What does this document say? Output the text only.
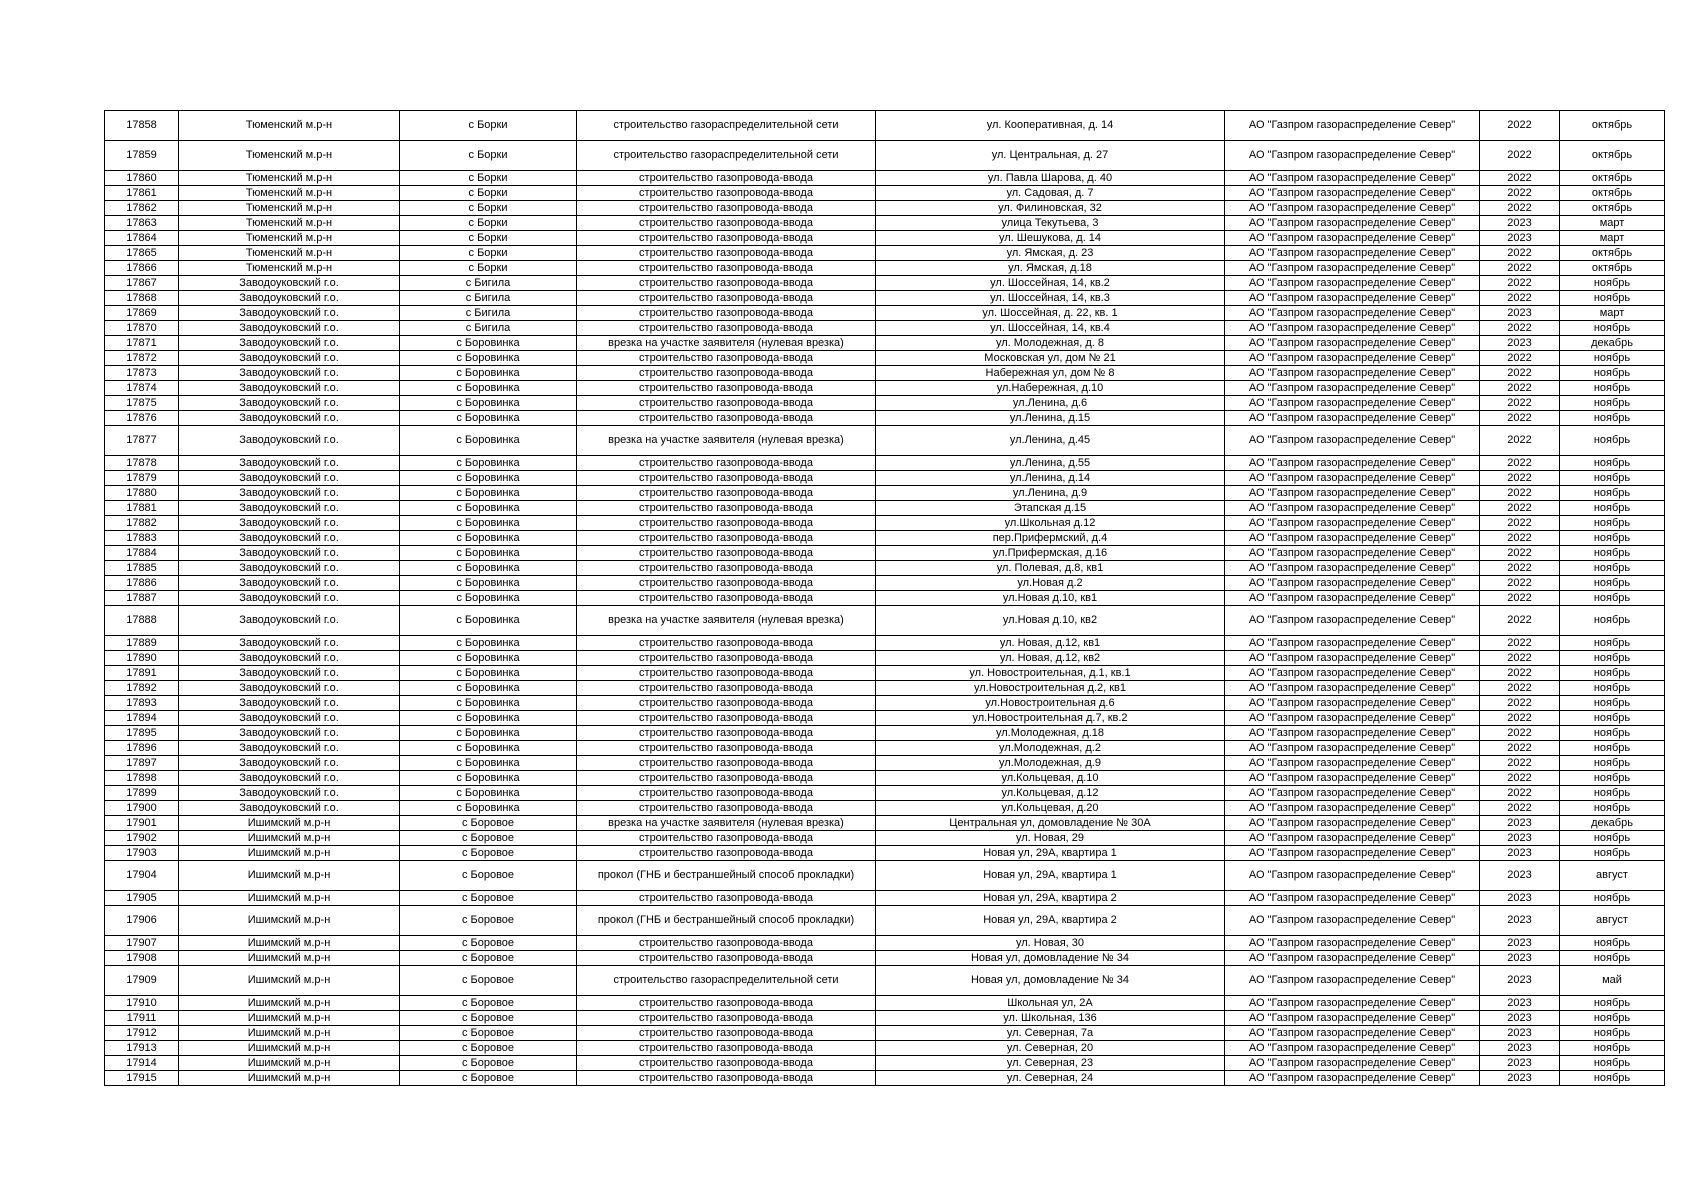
17858	Тюменский м.р-н	с Борки	строительство газораспределительной сети	ул. Кооперативная, д. 14	АО "Газпром газораспределение Север"	2022	октябрь
17859	Тюменский м.р-н	с Борки	строительство газораспределительной сети	ул. Центральная, д. 27	АО "Газпром газораспределение Север"	2022	октябрь
17860	Тюменский м.р-н	с Борки	строительство газопровода-ввода	ул. Павла Шарова, д. 40	АО "Газпром газораспределение Север"	2022	октябрь
17861	Тюменский м.р-н	с Борки	строительство газопровода-ввода	ул. Садовая, д. 7	АО "Газпром газораспределение Север"	2022	октябрь
17862	Тюменский м.р-н	с Борки	строительство газопровода-ввода	ул. Филиновская, 32	АО "Газпром газораспределение Север"	2022	октябрь
17863	Тюменский м.р-н	с Борки	строительство газопровода-ввода	улица Текутьева, 3	АО "Газпром газораспределение Север"	2023	март
17864	Тюменский м.р-н	с Борки	строительство газопровода-ввода	ул. Шешукова, д. 14	АО "Газпром газораспределение Север"	2023	март
17865	Тюменский м.р-н	с Борки	строительство газопровода-ввода	ул. Ямская, д. 23	АО "Газпром газораспределение Север"	2022	октябрь
17866	Тюменский м.р-н	с Борки	строительство газопровода-ввода	ул. Ямская, д.18	АО "Газпром газораспределение Север"	2022	октябрь
17867	Заводоуковский г.о.	с Бигила	строительство газопровода-ввода	ул. Шоссейная, 14, кв.2	АО "Газпром газораспределение Север"	2022	ноябрь
17868	Заводоуковский г.о.	с Бигила	строительство газопровода-ввода	ул. Шоссейная, 14, кв.3	АО "Газпром газораспределение Север"	2022	ноябрь
17869	Заводоуковский г.о.	с Бигила	строительство газопровода-ввода	ул. Шоссейная, д. 22, кв. 1	АО "Газпром газораспределение Север"	2023	март
17870	Заводоуковский г.о.	с Бигила	строительство газопровода-ввода	ул. Шоссейная, 14, кв.4	АО "Газпром газораспределение Север"	2022	ноябрь
17871	Заводоуковский г.о.	с Боровинка	врезка на участке заявителя (нулевая врезка)	ул. Молодежная, д. 8	АО "Газпром газораспределение Север"	2023	декабрь
17872	Заводоуковский г.о.	с Боровинка	строительство газопровода-ввода	Московская ул, дом № 21	АО "Газпром газораспределение Север"	2022	ноябрь
17873	Заводоуковский г.о.	с Боровинка	строительство газопровода-ввода	Набережная ул, дом № 8	АО "Газпром газораспределение Север"	2022	ноябрь
17874	Заводоуковский г.о.	с Боровинка	строительство газопровода-ввода	ул.Набережная, д.10	АО "Газпром газораспределение Север"	2022	ноябрь
17875	Заводоуковский г.о.	с Боровинка	строительство газопровода-ввода	ул.Ленина, д.6	АО "Газпром газораспределение Север"	2022	ноябрь
17876	Заводоуковский г.о.	с Боровинка	строительство газопровода-ввода	ул.Ленина, д.15	АО "Газпром газораспределение Север"	2022	ноябрь
17877	Заводоуковский г.о.	с Боровинка	врезка на участке заявителя (нулевая врезка)	ул.Ленина, д.45	АО "Газпром газораспределение Север"	2022	ноябрь
17878	Заводоуковский г.о.	с Боровинка	строительство газопровода-ввода	ул.Ленина, д.55	АО "Газпром газораспределение Север"	2022	ноябрь
17879	Заводоуковский г.о.	с Боровинка	строительство газопровода-ввода	ул.Ленина, д.14	АО "Газпром газораспределение Север"	2022	ноябрь
17880	Заводоуковский г.о.	с Боровинка	строительство газопровода-ввода	ул.Ленина, д.9	АО "Газпром газораспределение Север"	2022	ноябрь
17881	Заводоуковский г.о.	с Боровинка	строительство газопровода-ввода	Этапская д.15	АО "Газпром газораспределение Север"	2022	ноябрь
17882	Заводоуковский г.о.	с Боровинка	строительство газопровода-ввода	ул.Школьная д.12	АО "Газпром газораспределение Север"	2022	ноябрь
17883	Заводоуковский г.о.	с Боровинка	строительство газопровода-ввода	пер.Прифермский, д.4	АО "Газпром газораспределение Север"	2022	ноябрь
17884	Заводоуковский г.о.	с Боровинка	строительство газопровода-ввода	ул.Прифермская, д.16	АО "Газпром газораспределение Север"	2022	ноябрь
17885	Заводоуковский г.о.	с Боровинка	строительство газопровода-ввода	ул. Полевая, д.8, кв1	АО "Газпром газораспределение Север"	2022	ноябрь
17886	Заводоуковский г.о.	с Боровинка	строительство газопровода-ввода	ул.Новая д.2	АО "Газпром газораспределение Север"	2022	ноябрь
17887	Заводоуковский г.о.	с Боровинка	строительство газопровода-ввода	ул.Новая д.10, кв1	АО "Газпром газораспределение Север"	2022	ноябрь
17888	Заводоуковский г.о.	с Боровинка	врезка на участке заявителя (нулевая врезка)	ул.Новая д.10, кв2	АО "Газпром газораспределение Север"	2022	ноябрь
17889	Заводоуковский г.о.	с Боровинка	строительство газопровода-ввода	ул. Новая, д.12, кв1	АО "Газпром газораспределение Север"	2022	ноябрь
17890	Заводоуковский г.о.	с Боровинка	строительство газопровода-ввода	ул. Новая, д.12, кв2	АО "Газпром газораспределение Север"	2022	ноябрь
17891	Заводоуковский г.о.	с Боровинка	строительство газопровода-ввода	ул. Новостроительная, д.1, кв.1	АО "Газпром газораспределение Север"	2022	ноябрь
17892	Заводоуковский г.о.	с Боровинка	строительство газопровода-ввода	ул.Новостроительная д.2, кв1	АО "Газпром газораспределение Север"	2022	ноябрь
17893	Заводоуковский г.о.	с Боровинка	строительство газопровода-ввода	ул.Новостроительная д.6	АО "Газпром газораспределение Север"	2022	ноябрь
17894	Заводоуковский г.о.	с Боровинка	строительство газопровода-ввода	ул.Новостроительная д.7, кв.2	АО "Газпром газораспределение Север"	2022	ноябрь
17895	Заводоуковский г.о.	с Боровинка	строительство газопровода-ввода	ул.Молодежная, д.18	АО "Газпром газораспределение Север"	2022	ноябрь
17896	Заводоуковский г.о.	с Боровинка	строительство газопровода-ввода	ул.Молодежная, д.2	АО "Газпром газораспределение Север"	2022	ноябрь
17897	Заводоуковский г.о.	с Боровинка	строительство газопровода-ввода	ул.Молодежная, д.9	АО "Газпром газораспределение Север"	2022	ноябрь
17898	Заводоуковский г.о.	с Боровинка	строительство газопровода-ввода	ул.Кольцевая, д.10	АО "Газпром газораспределение Север"	2022	ноябрь
17899	Заводоуковский г.о.	с Боровинка	строительство газопровода-ввода	ул.Кольцевая, д.12	АО "Газпром газораспределение Север"	2022	ноябрь
17900	Заводоуковский г.о.	с Боровинка	строительство газопровода-ввода	ул.Кольцевая, д.20	АО "Газпром газораспределение Север"	2022	ноябрь
17901	Ишимский м.р-н	с Боровое	врезка на участке заявителя (нулевая врезка)	Центральная ул, домовладение № 30А	АО "Газпром газораспределение Север"	2023	декабрь
17902	Ишимский м.р-н	с Боровое	строительство газопровода-ввода	ул. Новая, 29	АО "Газпром газораспределение Север"	2023	ноябрь
17903	Ишимский м.р-н	с Боровое	строительство газопровода-ввода	Новая ул, 29А, квартира 1	АО "Газпром газораспределение Север"	2023	ноябрь
17904	Ишимский м.р-н	с Боровое	прокол (ГНБ и бестраншейный способ прокладки)	Новая ул, 29А, квартира 1	АО "Газпром газораспределение Север"	2023	август
17905	Ишимский м.р-н	с Боровое	строительство газопровода-ввода	Новая ул, 29А, квартира 2	АО "Газпром газораспределение Север"	2023	ноябрь
17906	Ишимский м.р-н	с Боровое	прокол (ГНБ и бестраншейный способ прокладки)	Новая ул, 29А, квартира 2	АО "Газпром газораспределение Север"	2023	август
17907	Ишимский м.р-н	с Боровое	строительство газопровода-ввода	ул. Новая, 30	АО "Газпром газораспределение Север"	2023	ноябрь
17908	Ишимский м.р-н	с Боровое	строительство газопровода-ввода	Новая ул, домовладение № 34	АО "Газпром газораспределение Север"	2023	ноябрь
17909	Ишимский м.р-н	с Боровое	строительство газораспределительной сети	Новая ул, домовладение № 34	АО "Газпром газораспределение Север"	2023	май
17910	Ишимский м.р-н	с Боровое	строительство газопровода-ввода	Школьная ул, 2А	АО "Газпром газораспределение Север"	2023	ноябрь
17911	Ишимский м.р-н	с Боровое	строительство газопровода-ввода	ул. Школьная, 136	АО "Газпром газораспределение Север"	2023	ноябрь
17912	Ишимский м.р-н	с Боровое	строительство газопровода-ввода	ул. Северная, 7а	АО "Газпром газораспределение Север"	2023	ноябрь
17913	Ишимский м.р-н	с Боровое	строительство газопровода-ввода	ул. Северная, 20	АО "Газпром газораспределение Север"	2023	ноябрь
17914	Ишимский м.р-н	с Боровое	строительство газопровода-ввода	ул. Северная, 23	АО "Газпром газораспределение Север"	2023	ноябрь
17915	Ишимский м.р-н	с Боровое	строительство газопровода-ввода	ул. Северная, 24	АО "Газпром газораспределение Север"	2023	ноябрь
